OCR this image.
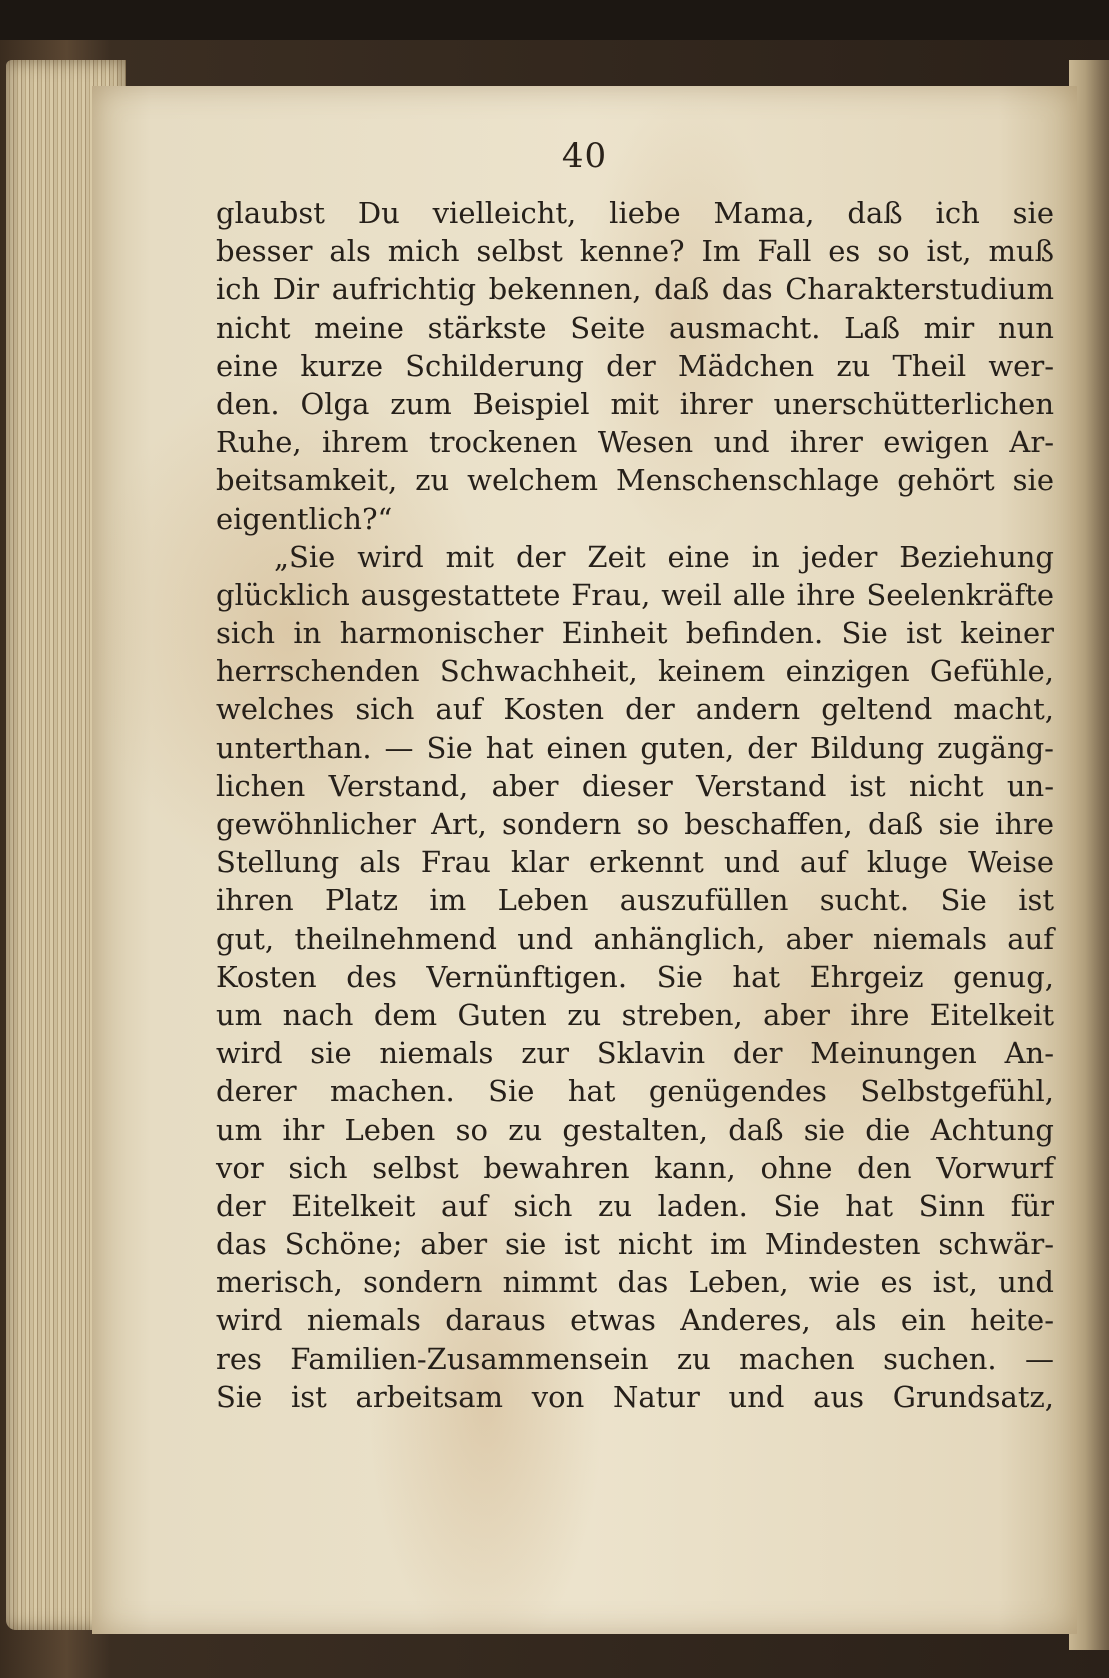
40
glaubst Du vielleicht, liebe Mama, daß ich sie
besser als mich selbst kenne? Im Fall es so ist, muß
ich Dir aufrichtig bekennen, daß das Charakterstudium
nicht meine stärkste Seite ausmacht. Laß mir nun
eine kurze Schilderung der Mädchen zu Theil wer-
den. Olga zum Beispiel mit ihrer unerschütterlichen
Ruhe, ihrem trockenen Wesen und ihrer ewigen Ar-
beitsamkeit, zu welchem Menschenschlage gehört sie
eigentlich?“
„Sie wird mit der Zeit eine in jeder Beziehung
glücklich ausgestattete Frau, weil alle ihre Seelenkräfte
sich in harmonischer Einheit befinden. Sie ist keiner
herrschenden Schwachheit, keinem einzigen Gefühle,
welches sich auf Kosten der andern geltend macht,
unterthan. — Sie hat einen guten, der Bildung zugäng-
lichen Verstand, aber dieser Verstand ist nicht un-
gewöhnlicher Art, sondern so beschaffen, daß sie ihre
Stellung als Frau klar erkennt und auf kluge Weise
ihren Platz im Leben auszufüllen sucht. Sie ist
gut, theilnehmend und anhänglich, aber niemals auf
Kosten des Vernünftigen. Sie hat Ehrgeiz genug,
um nach dem Guten zu streben, aber ihre Eitelkeit
wird sie niemals zur Sklavin der Meinungen An-
derer machen. Sie hat genügendes Selbstgefühl,
um ihr Leben so zu gestalten, daß sie die Achtung
vor sich selbst bewahren kann, ohne den Vorwurf
der Eitelkeit auf sich zu laden. Sie hat Sinn für
das Schöne; aber sie ist nicht im Mindesten schwär-
merisch, sondern nimmt das Leben, wie es ist, und
wird niemals daraus etwas Anderes, als ein heite-
res Familien-Zusammensein zu machen suchen. —
Sie ist arbeitsam von Natur und aus Grundsatz,
